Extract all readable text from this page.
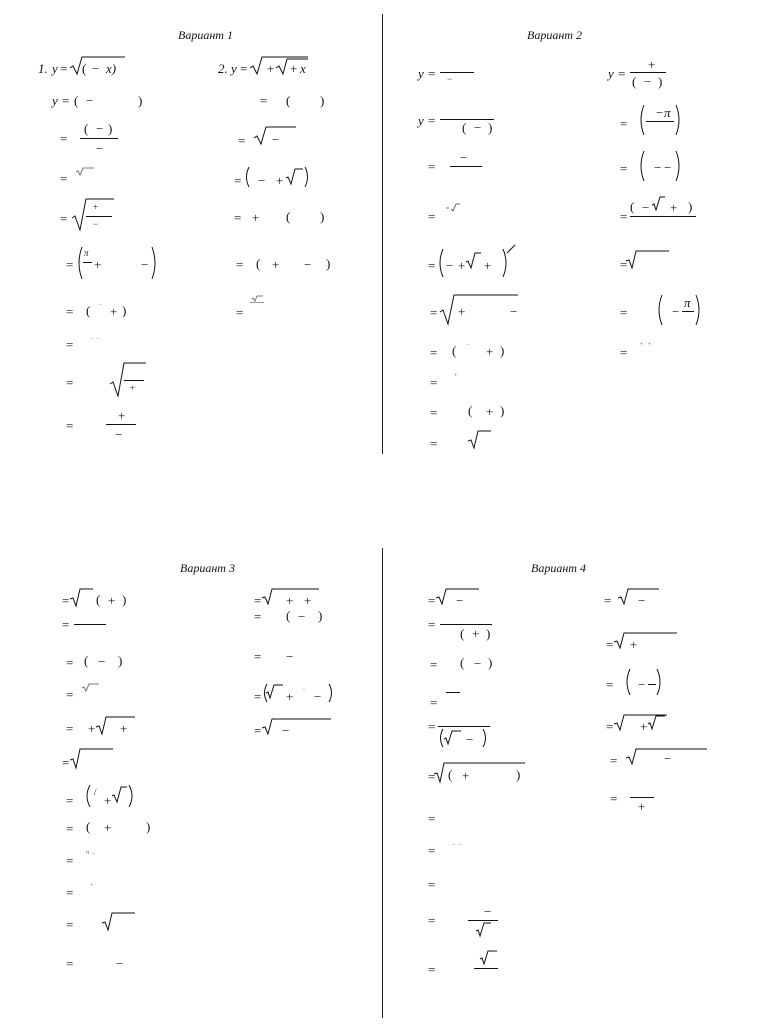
Вариант 1	Вариант 2
Вариант 3	Вариант 4
1. y = ( − x)
y = ( −	)
=
( − )
−
=
=
+
−
=
π
+	−
= ( − + )
=	−  −
=	+
=
+
−
2. y = + + x
= ( )
= −
= − +
= + ( )
= ( + − )
=
y = −
y = ( − )
=
−
=
= − + +
= +	−
= ( − + )
=	+
= ( + )
=
y =
+
( − )
=
− π
= − −
=
( − + )
=
=	−
π
= +   +
= ( + )
=
= ( − )
=
= + +
=
=
/
+
= ( +	)
= π −
=	+
=
=	−
= + +
= ( − )
= −
= + − −
= −
= −
=
( + )
= ( − )
=
=
−
= ( +	)
=
=	−  −
=
=
−
=
= −
= +
= −
= +
=	−
=
+
